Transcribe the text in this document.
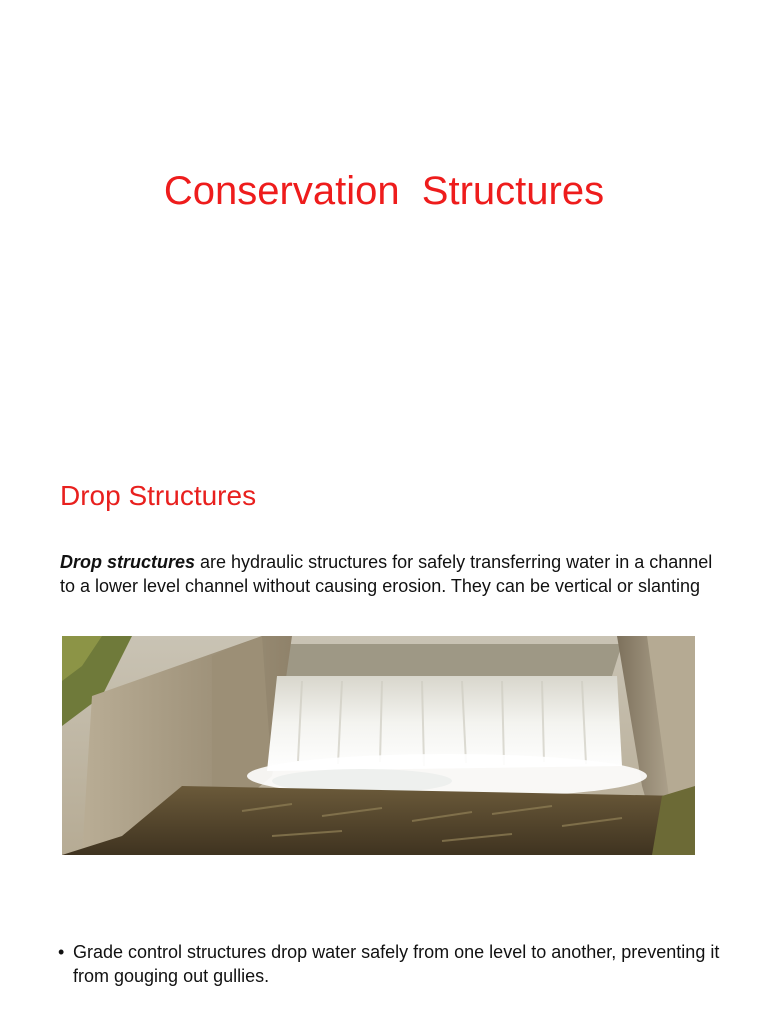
Conservation  Structures
Drop Structures

Drop structures are hydraulic structures for safely transferring water in a channel to a lower level channel without causing erosion. They can be vertical or slanting

• Grade control structures drop water safely from one level to another, preventing it from gouging out gullies.
